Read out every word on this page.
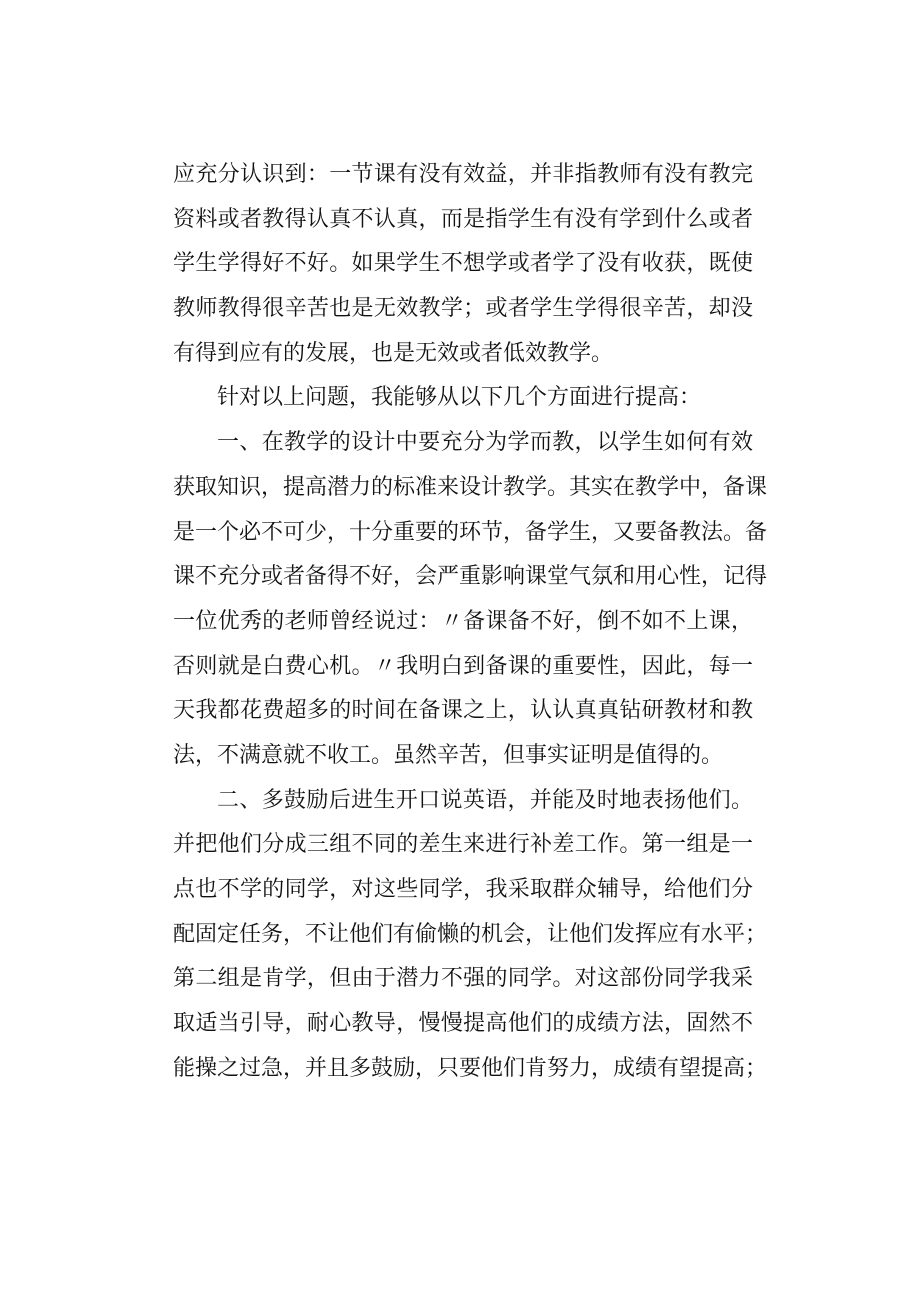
应充分认识到：一节课有没有效益，并非指教师有没有教完
资料或者教得认真不认真，而是指学生有没有学到什么或者
学生学得好不好。如果学生不想学或者学了没有收获，既使
教师教得很辛苦也是无效教学；或者学生学得很辛苦，却没
有得到应有的发展，也是无效或者低效教学。
针对以上问题，我能够从以下几个方面进行提高：
一、在教学的设计中要充分为学而教，以学生如何有效
获取知识，提高潜力的标准来设计教学。其实在教学中，备课
是一个必不可少，十分重要的环节，备学生，又要备教法。备
课不充分或者备得不好，会严重影响课堂气氛和用心性，记得
一位优秀的老师曾经说过：〃备课备不好，倒不如不上课，
否则就是白费心机。〃我明白到备课的重要性，因此，每一
天我都花费超多的时间在备课之上，认认真真钻研教材和教
法，不满意就不收工。虽然辛苦，但事实证明是值得的。
二、多鼓励后进生开口说英语，并能及时地表扬他们。
并把他们分成三组不同的差生来进行补差工作。第一组是一
点也不学的同学，对这些同学，我采取群众辅导，给他们分
配固定任务，不让他们有偷懒的机会，让他们发挥应有水平；
第二组是肯学，但由于潜力不强的同学。对这部份同学我采
取适当引导，耐心教导，慢慢提高他们的成绩方法，固然不
能操之过急，并且多鼓励，只要他们肯努力，成绩有望提高；
